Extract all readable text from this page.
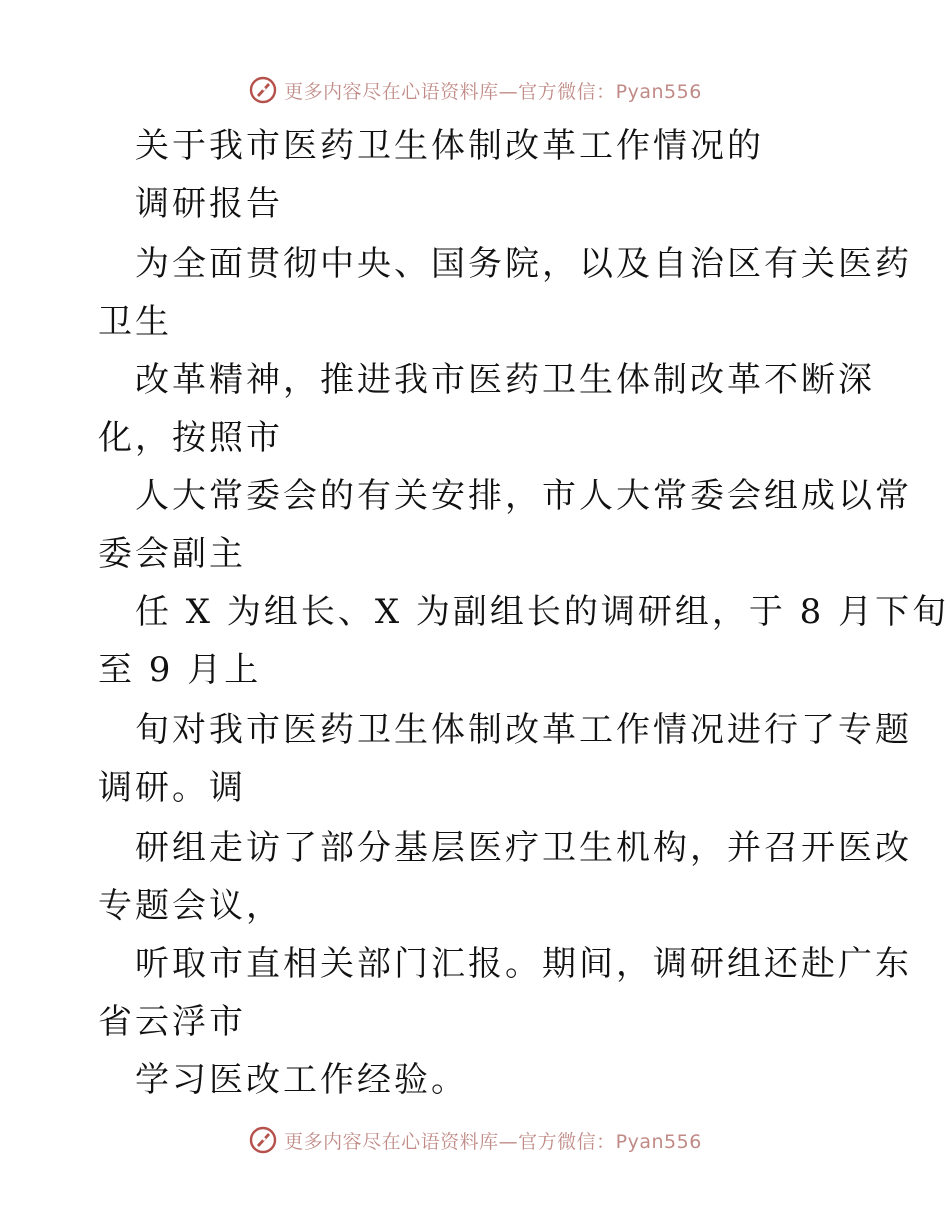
更多内容尽在心语资料库—官方微信：Pyan556
关于我市医药卫生体制改革工作情况的
调研报告
为全面贯彻中央、国务院，以及自治区有关医药
卫生
改革精神，推进我市医药卫生体制改革不断深
化，按照市
人大常委会的有关安排，市人大常委会组成以常
委会副主
任 X 为组长、X 为副组长的调研组，于 8 月下旬
至 9 月上
旬对我市医药卫生体制改革工作情况进行了专题
调研。调
研组走访了部分基层医疗卫生机构，并召开医改
专题会议，
听取市直相关部门汇报。期间，调研组还赴广东
省云浮市
学习医改工作经验。
更多内容尽在心语资料库—官方微信：Pyan556
